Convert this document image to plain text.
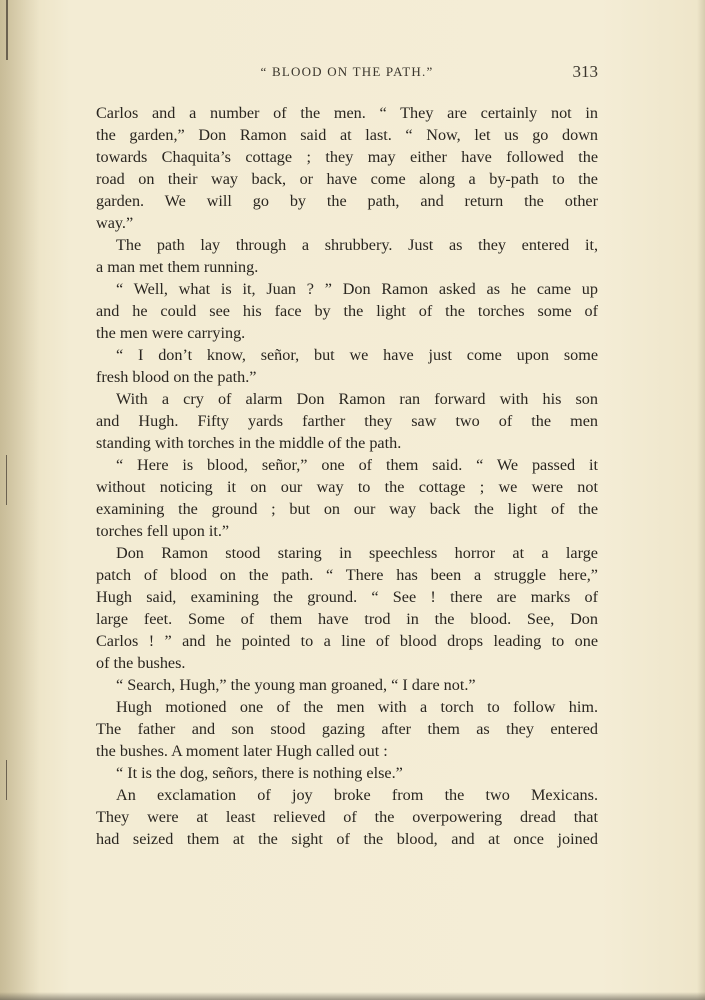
“ BLOOD ON THE PATH.”	313
Carlos and a number of the men. “ They are certainly not in
the garden,” Don Ramon said at last. “ Now, let us go down
towards Chaquita’s cottage ; they may either have followed the
road on their way back, or have come along a by-path to the
garden. We will go by the path, and return the other
way.”
The path lay through a shrubbery. Just as they entered it,
a man met them running.
“ Well, what is it, Juan ? ” Don Ramon asked as he came up
and he could see his face by the light of the torches some of
the men were carrying.
“ I don’t know, señor, but we have just come upon some
fresh blood on the path.”
With a cry of alarm Don Ramon ran forward with his son
and Hugh. Fifty yards farther they saw two of the men
standing with torches in the middle of the path.
“ Here is blood, señor,” one of them said. “ We passed it
without noticing it on our way to the cottage ; we were not
examining the ground ; but on our way back the light of the
torches fell upon it.”
Don Ramon stood staring in speechless horror at a large
patch of blood on the path. “ There has been a struggle here,”
Hugh said, examining the ground. “ See ! there are marks of
large feet. Some of them have trod in the blood. See, Don
Carlos ! ” and he pointed to a line of blood drops leading to one
of the bushes.
“ Search, Hugh,” the young man groaned, “ I dare not.”
Hugh motioned one of the men with a torch to follow him.
The father and son stood gazing after them as they entered
the bushes. A moment later Hugh called out :
“ It is the dog, señors, there is nothing else.”
An exclamation of joy broke from the two Mexicans.
They were at least relieved of the overpowering dread that
had seized them at the sight of the blood, and at once joined
